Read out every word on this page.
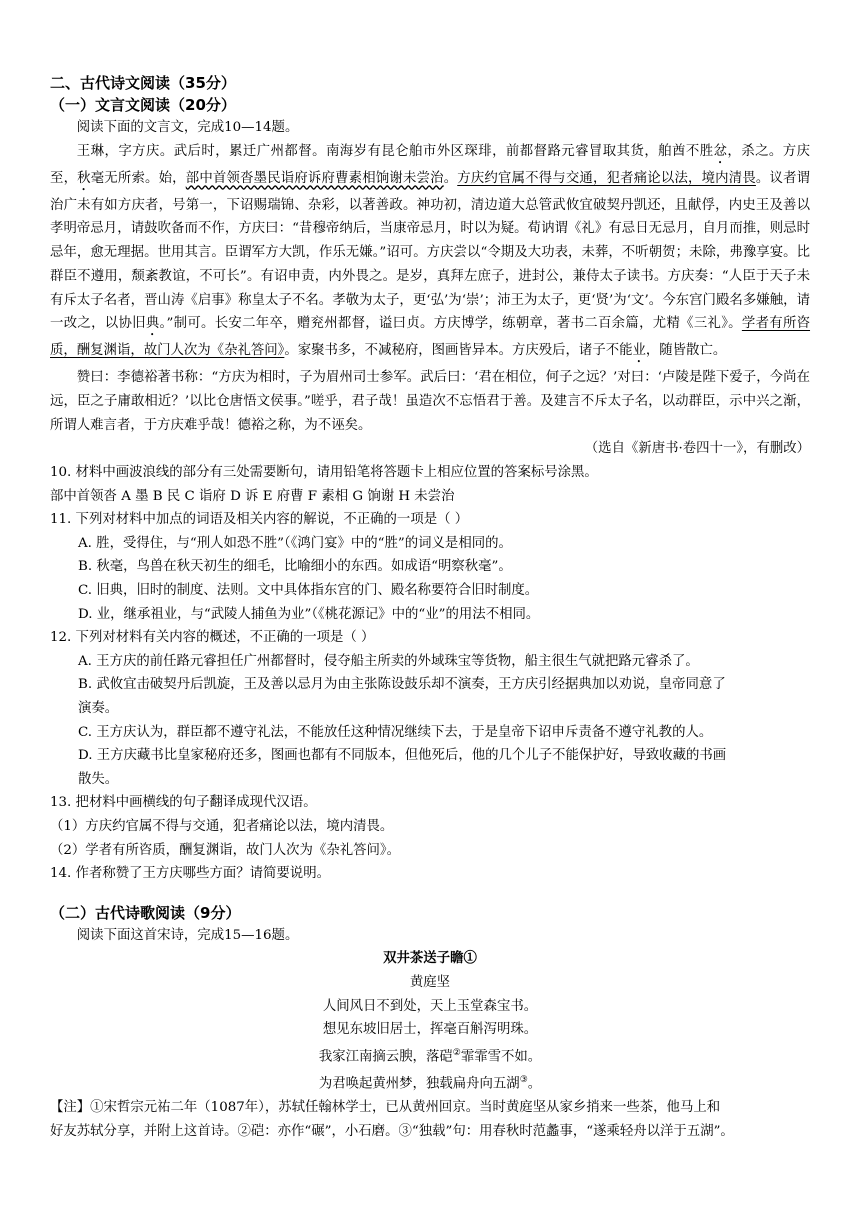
二、古代诗文阅读（35分）
（一）文言文阅读（20分）

阅读下面的文言文，完成10—14题。

王琳，字方庆。武后时，累迁广州都督。南海岁有昆仑舶市外区琛琲，前都督路元睿冒取其货，舶酋不胜忿，杀之。方庆至，秋毫无所索。始，部中首领沓墨民诣府诉府曹素相饷谢未尝治。方庆约官属不得与交通，犯者痛论以法，境内清畏。议者谓治广未有如方庆者，号第一，下诏赐瑞锦、杂彩，以著善政。神功初，清边道大总管武攸宜破契丹凯还，且献俘，内史王及善以孝明帝忌月，请鼓吹备而不作，方庆曰：“昔穆帝纳后，当康帝忌月，时以为疑。荀讷谓《礼》有忌日无忌月，自月而推，则忌时忌年，愈无理据。世用其言。臣谓军方大凯，作乐无嫌。”诏可。方庆尝以“令期及大功表，未葬，不听朝贺；未除，弗豫享宴。比群臣不遵用，颓紊教谊，不可长”。有诏申责，内外畏之。是岁，真拜左庶子，进封公，兼侍太子读书。方庆奏：“人臣于天子未有斥太子名者，晋山涛《启事》称皇太子不名。孝敬为太子，更‘弘’为‘崇’；沛王为太子，更‘贤’为‘文’。今东宫门殿名多嫌触，请一改之，以协旧典。”制可。长安二年卒，赠兖州都督，谥曰贞。方庆博学，练朝章，著书二百余篇，尤精《三礼》。学者有所咨质，酬复渊诣，故门人次为《杂礼答问》。家聚书多，不减秘府，图画皆异本。方庆殁后，诸子不能业，随皆散亡。

赞曰：李德裕著书称：“方庆为相时，子为眉州司士参军。武后曰：‘君在相位，何子之远？’对曰：‘卢陵是陛下爱子，今尚在远，臣之子庸敢相近？’以比仓唐悟文侯事。”嗟乎，君子哉！虽造次不忘悟君于善。及建言不斥太子名，以动群臣，示中兴之渐，所谓人难言者，于方庆难乎哉！德裕之称，为不诬矣。

（选自《新唐书·卷四十一》，有删改）

10. 材料中画波浪线的部分有三处需要断句，请用铅笔将答题卡上相应位置的答案标号涂黑。

部中首领沓 A 墨 B 民 C 诣府 D 诉 E 府曹 F 素相 G 饷谢 H 未尝治

11. 下列对材料中加点的词语及相关内容的解说，不正确的一项是（ ）

A. 胜，受得住，与“刑人如恐不胜”（《鸿门宴》中的“胜”的词义是相同的。

B. 秋毫，鸟兽在秋天初生的细毛，比喻细小的东西。如成语“明察秋毫”。

C. 旧典，旧时的制度、法则。文中具体指东宫的门、殿名称要符合旧时制度。

D. 业，继承祖业，与“武陵人捕鱼为业”（《桃花源记》中的“业”的用法不相同。

12. 下列对材料有关内容的概述，不正确的一项是（ ）

A. 王方庆的前任路元睿担任广州都督时，侵夺船主所卖的外域珠宝等货物，船主很生气就把路元睿杀了。

B. 武攸宜击破契丹后凯旋，王及善以忌月为由主张陈设鼓乐却不演奏，王方庆引经据典加以劝说，皇帝同意了

演奏。

C. 王方庆认为，群臣都不遵守礼法，不能放任这种情况继续下去，于是皇帝下诏申斥责备不遵守礼教的人。

D. 王方庆藏书比皇家秘府还多，图画也都有不同版本，但他死后，他的几个儿子不能保护好，导致收藏的书画

散失。

13. 把材料中画横线的句子翻译成现代汉语。

（1）方庆约官属不得与交通，犯者痛论以法，境内清畏。

（2）学者有所咨质，酬复渊诣，故门人次为《杂礼答问》。

14. 作者称赞了王方庆哪些方面？请简要说明。

（二）古代诗歌阅读（9分）

阅读下面这首宋诗，完成15—16题。

双井茶送子瞻①

黄庭坚

人间风日不到处，天上玉堂森宝书。

想见东坡旧居士，挥毫百斛泻明珠。

我家江南摘云腴，落硙②霏霏雪不如。

为君唤起黄州梦，独载扁舟向五湖③。

【注】①宋哲宗元祐二年（1087年），苏轼任翰林学士，已从黄州回京。当时黄庭坚从家乡捎来一些茶，他马上和

好友苏轼分享，并附上这首诗。②硙：亦作“碾”，小石磨。③“独载”句：用春秋时范蠡事，“遂乘轻舟以洋于五湖”。
